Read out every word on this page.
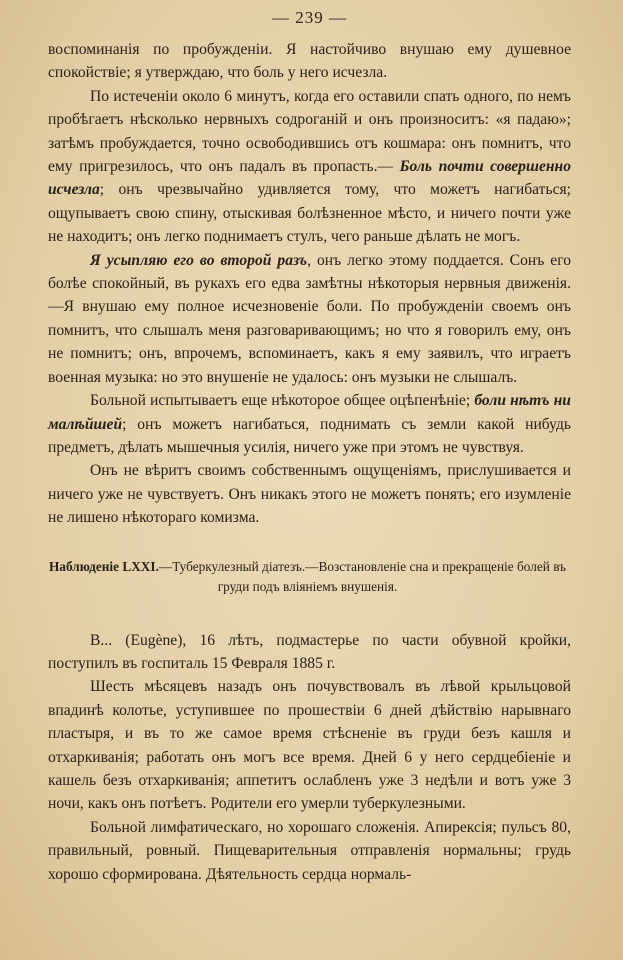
— 239 —

воспоминанія по пробужденіи. Я настойчиво внушаю ему душевное спокойствіе; я утверждаю, что боль у него исчезла.

По истеченіи около 6 минутъ, когда его оставили спать одного, по немъ пробѣгаетъ нѣсколько нервныхъ содроганій и онъ произноситъ: «я падаю»; затѣмъ пробуждается, точно освободившись отъ кошмара: онъ помнитъ, что ему пригрезилось, что онъ падалъ въ пропасть.— Боль почти совершенно исчезла; онъ чрезвычайно удивляется тому, что можетъ нагибаться; ощупываетъ свою спину, отыскивая болѣзненное мѣсто, и ничего почти уже не находитъ; онъ легко поднимаетъ стулъ, чего раньше дѣлать не могъ.

Я усыпляю его во второй разъ, онъ легко этому поддается. Сонъ его болѣе спокойный, въ рукахъ его едва замѣтны нѣкоторыя нервныя движенія.—Я внушаю ему полное исчезновеніе боли. По пробужденіи своемъ онъ помнитъ, что слышалъ меня разговаривающимъ; но что я говорилъ ему, онъ не помнитъ; онъ, впрочемъ, вспоминаетъ, какъ я ему заявилъ, что играетъ военная музыка: но это внушеніе не удалось: онъ музыки не слышалъ.

Больной испытываетъ еще нѣкоторое общее оцѣпенѣніе; боли нѣтъ ни малѣйшей; онъ можетъ нагибаться, поднимать съ земли какой нибудь предметъ, дѣлать мышечныя усилія, ничего уже при этомъ не чувствуя.

Онъ не вѣритъ своимъ собственнымъ ощущеніямъ, прислушивается и ничего уже не чувствуетъ. Онъ никакъ этого не можетъ понять; его изумленіе не лишено нѣкотораго комизма.

Наблюденіе LXXI.—Туберкулезный діатезъ.—Возстановленіе сна и прекращеніе болей въ груди подъ вліяніемъ внушенія.

В... (Eugène), 16 лѣтъ, подмастерье по части обувной кройки, поступилъ въ госпиталь 15 Февраля 1885 г.

Шесть мѣсяцевъ назадъ онъ почувствовалъ въ лѣвой крыльцовой впадинѣ колотье, уступившее по прошествіи 6 дней дѣйствію нарывнаго пластыря, и въ то же самое время стѣсненіе въ груди безъ кашля и отхаркиванія; работать онъ могъ все время. Дней 6 у него сердцебіеніе и кашель безъ отхаркиванія; аппетитъ ослабленъ уже 3 недѣли и вотъ уже 3 ночи, какъ онъ потѣетъ. Родители его умерли туберкулезными.

Больной лимфатическаго, но хорошаго сложенія. Апирексія; пульсъ 80, правильный, ровный. Пищеварительныя отправленія нормальны; грудь хорошо сформирована. Дѣятельность сердца нормаль-
